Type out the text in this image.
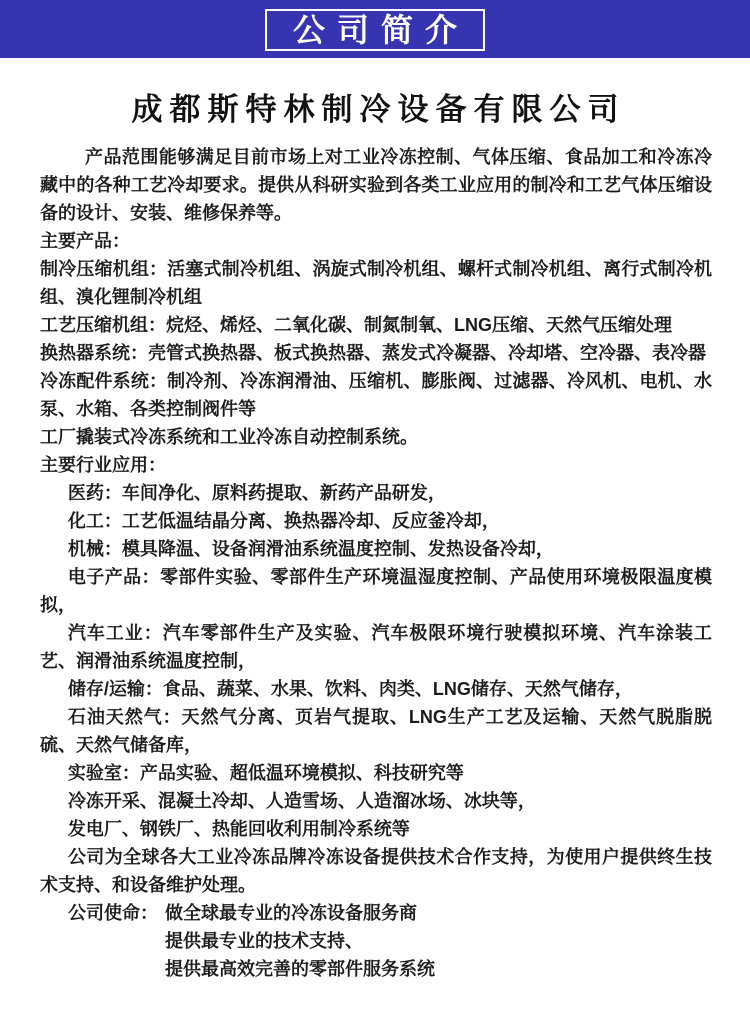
公司简介
成都斯特林制冷设备有限公司

产品范围能够满足目前市场上对工业冷冻控制、气体压缩、食品加工和冷冻冷藏中的各种工艺冷却要求。提供从科研实验到各类工业应用的制冷和工艺气体压缩设备的设计、安装、维修保养等。

主要产品：

制冷压缩机组：活塞式制冷机组、涡旋式制冷机组、螺杆式制冷机组、离行式制冷机组、溴化锂制冷机组

工艺压缩机组：烷烃、烯烃、二氧化碳、制氮制氧、LNG压缩、天然气压缩处理

换热器系统：壳管式换热器、板式换热器、蒸发式冷凝器、冷却塔、空冷器、表冷器

冷冻配件系统：制冷剂、冷冻润滑油、压缩机、膨胀阀、过滤器、冷风机、电机、水泵、水箱、各类控制阀件等

工厂撬装式冷冻系统和工业冷冻自动控制系统。

主要行业应用：

医药：车间净化、原料药提取、新药产品研发，

化工：工艺低温结晶分离、换热器冷却、反应釜冷却，

机械：模具降温、设备润滑油系统温度控制、发热设备冷却，

电子产品：零部件实验、零部件生产环境温湿度控制、产品使用环境极限温度模拟，

汽车工业：汽车零部件生产及实验、汽车极限环境行驶模拟环境、汽车涂装工艺、润滑油系统温度控制，

储存/运输：食品、蔬菜、水果、饮料、肉类、LNG储存、天然气储存，

石油天然气：天然气分离、页岩气提取、LNG生产工艺及运输、天然气脱脂脱硫、天然气储备库，

实验室：产品实验、超低温环境模拟、科技研究等

冷冻开采、混凝土冷却、人造雪场、人造溜冰场、冰块等，

发电厂、钢铁厂、热能回收利用制冷系统等

公司为全球各大工业冷冻品牌冷冻设备提供技术合作支持，为使用户提供终生技术支持、和设备维护处理。

公司使命： 做全球最专业的冷冻设备服务商
提供最专业的技术支持、
提供最高效完善的零部件服务系统
